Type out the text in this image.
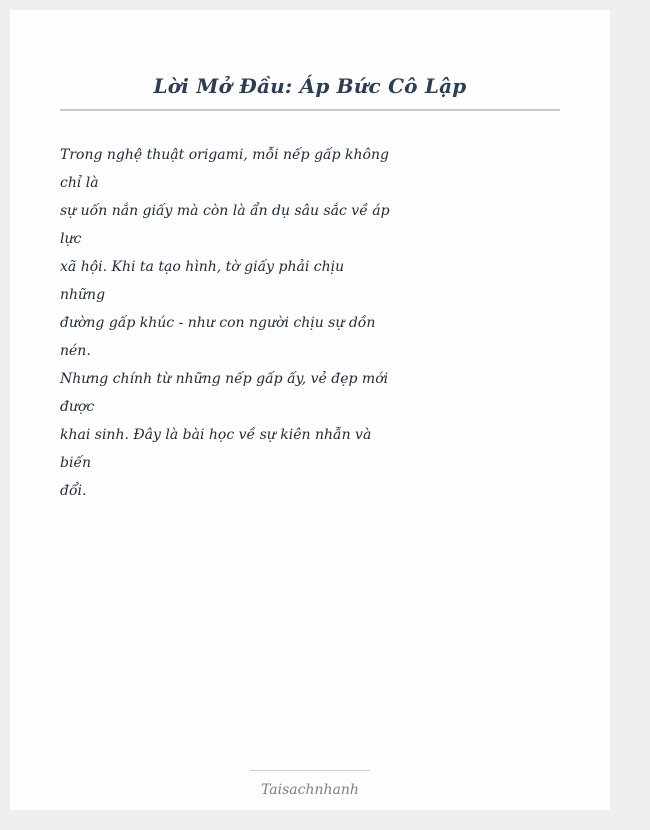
Lời Mở Đầu: Áp Bức Cô Lập
Trong nghệ thuật origami, mỗi nếp gấp không
chỉ là
sự uốn nắn giấy mà còn là ẩn dụ sâu sắc về áp
lực
xã hội. Khi ta tạo hình, tờ giấy phải chịu
những
đường gấp khúc - như con người chịu sự dồn
nén.
Nhưng chính từ những nếp gấp ấy, vẻ đẹp mới
được
khai sinh. Đây là bài học về sự kiên nhẫn và
biến
đổi.
Taisachnhanh
